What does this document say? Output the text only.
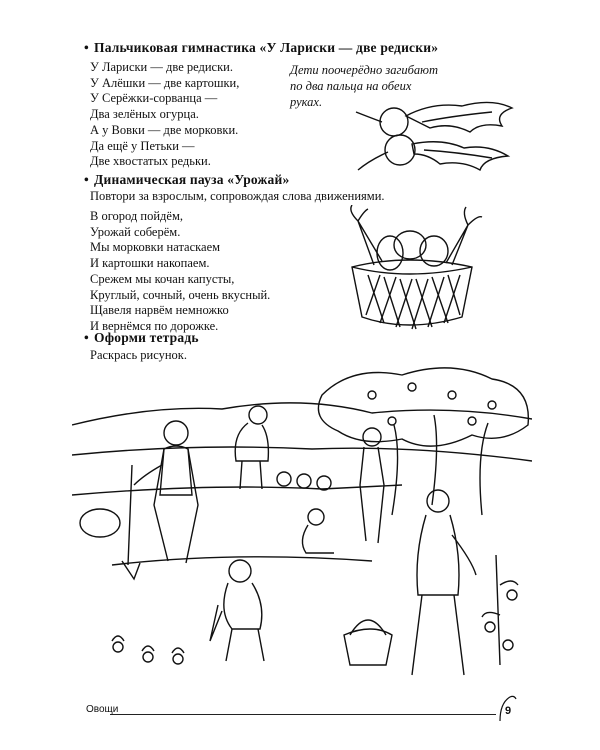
• Пальчиковая гимнастика «У Лариски — две редиски»
У Лариски — две редиски.
У Алёшки — две картошки,
У Серёжки-сорванца —
Два зелёных огурца.
А у Вовки — две морковки.
Да ещё у Петьки —
Две хвостатых редьки.
Дети поочерёдно загибают по два пальца на обеих руках.
• Динамическая пауза «Урожай»
Повтори за взрослым, сопровождая слова движениями.
В огород пойдём,
Урожай соберём.
Мы морковки натаскаем
И картошки накопаем.
Срежем мы кочан капусты,
Круглый, сочный, очень вкусный.
Щавеля нарвём немножко
И вернёмся по дорожке.
• Оформи тетрадь
Раскрась рисунок.
Овощи	9
